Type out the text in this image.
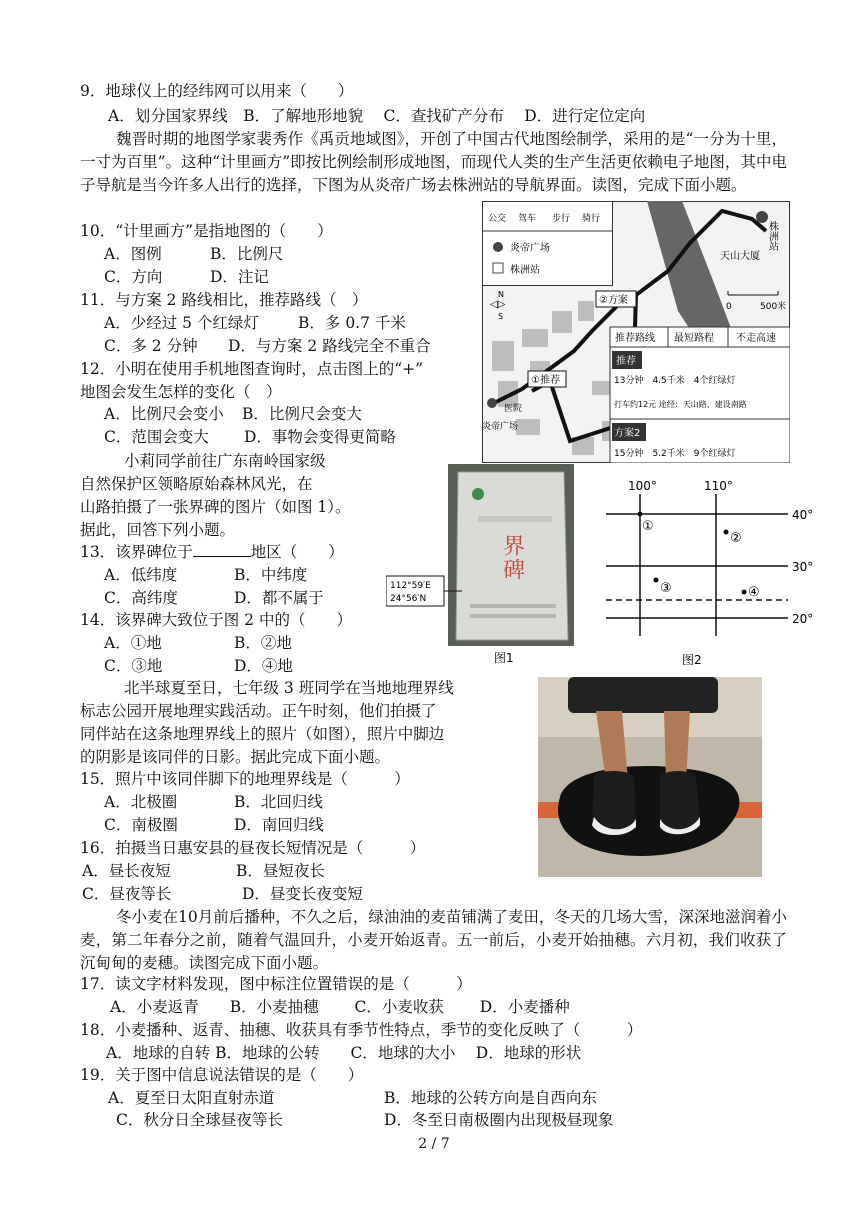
9．地球仪上的经纬网可以用来（　　）
A．划分国家界线　B．了解地形地貌　 C．查找矿产分布　 D．进行定位定向
魏晋时期的地图学家裴秀作《禹贡地域图》，开创了中国古代地图绘制学，采用的是“一分为十里，一寸为百里”。这种“计里画方”即按比例绘制形成地图，而现代人类的生产生活更依赖电子地图，其中电子导航是当今许多人出行的选择，下图为从炎帝广场去株洲站的导航界面。读图，完成下面小题。
10．“计里画方”是指地图的（　　）
A．图例	B．比例尺
C．方向	D．注记
11．与方案 2 路线相比，推荐路线（　）
A．少经过 5 个红绿灯	B．多 0.7 千米
C．多 2 分钟 D．与方案 2 路线完全不重合
12．小明在使用手机地图查询时，点击图上的“+”
地图会发生怎样的变化（　）
A．比例尺会变小 B．比例尺会变大
C．范围会变大 D．事物会变得更简略
公交 驾车 步行 骑行
炎帝广场
株洲站
株洲站
天山大厦
0	500米
N
◁▷
S
②方案
①推荐
医院
炎帝广场
推荐路线 最短路程 不走高速
推荐
13分钟　4.5千米　4个红绿灯
打车约12元 途经：天山路、建设南路
方案2
15分钟　5.2千米　9个红绿灯
小莉同学前往广东南岭国家级
自然保护区领略原始森林风光，在
山路拍摄了一张界碑的图片（如图 1）。
据此，回答下列小题。
13．该界碑位于	地区（　　）
A．低纬度	B．中纬度
C．高纬度	D．都不属于
14．该界碑大致位于图 2 中的（　　）
A．①地	B．②地
C．③地	D．④地
界碑
112°59′E
24°56′N
图1
100°	110°
40°
30°
20°
①
②
③	④
图2
北半球夏至日，七年级 3 班同学在当地地理界线
标志公园开展地理实践活动。正午时刻，他们拍摄了
同伴站在这条地理界线上的照片（如图），照片中脚边
的阴影是该同伴的日影。据此完成下面小题。
15．照片中该同伴脚下的地理界线是（　　　）
A．北极圈	B．北回归线
C．南极圈	D．南回归线
16．拍摄当日惠安县的昼夜长短情况是（　　　）
A．昼长夜短	B．昼短夜长
C．昼夜等长	D．昼变长夜变短
冬小麦在10月前后播种，不久之后，绿油油的麦苗铺满了麦田，冬天的几场大雪，深深地滋润着小麦，第二年春分之前，随着气温回升，小麦开始返青。五一前后，小麦开始抽穗。六月初，我们收获了沉甸甸的麦穗。读图完成下面小题。
17．读文字材料发现，图中标注位置错误的是（　　　）
A．小麦返青　　B．小麦抽穗　　 C．小麦收获　　 D．小麦播种
18．小麦播种、返青、抽穗、收获具有季节性特点，季节的变化反映了（　　　）
A．地球的自转 B．地球的公转　　C．地球的大小　 D．地球的形状
19．关于图中信息说法错误的是（　　）
A．夏至日太阳直射赤道	B．地球的公转方向是自西向东
C．秋分日全球昼夜等长	D．冬至日南极圈内出现极昼现象
2 / 7
